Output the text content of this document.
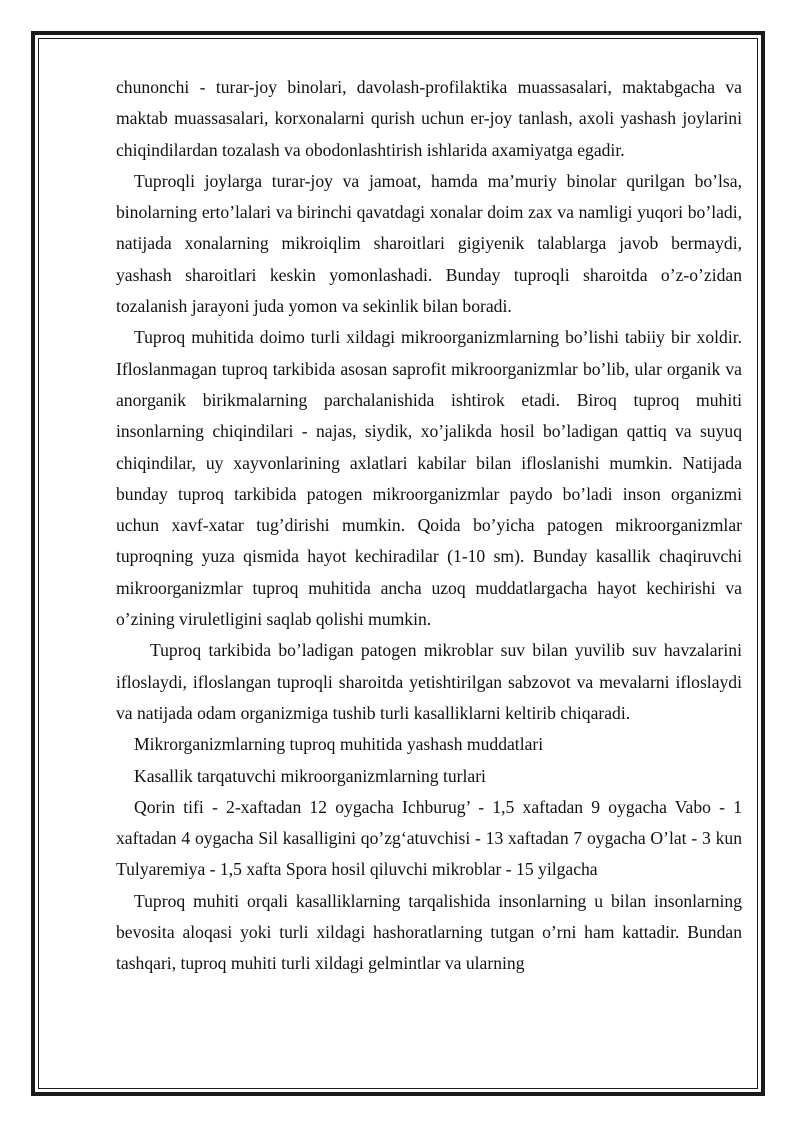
chunonchi - turar-joy binolari, davolash-profilaktika muassasalari, maktabgacha va maktab muassasalari, korxonalarni qurish uchun er-joy tanlash, axoli yashash joylarini chiqindilardan tozalash va obodonlashtirish ishlarida axamiyatga egadir.

Tuproqli joylarga turar-joy va jamoat, hamda ma’muriy binolar qurilgan bo’lsa, binolarning erto’lalari va birinchi qavatdagi xonalar doim zax va namligi yuqori bo’ladi, natijada xonalarning mikroiqlim sharoitlari gigiyenik talablarga javob bermaydi, yashash sharoitlari keskin yomonlashadi. Bunday tuproqli sharoitda o’z-o’zidan tozalanish jarayoni juda yomon va sekinlik bilan boradi.

Tuproq muhitida doimo turli xildagi mikroorganizmlarning bo’lishi tabiiy bir xoldir. Ifloslanmagan tuproq tarkibida asosan saprofit mikroorganizmlar bo’lib, ular organik va anorganik birikmalarning parchalanishida ishtirok etadi. Biroq tuproq muhiti insonlarning chiqindilari - najas, siydik, xo’jalikda hosil bo’ladigan qattiq va suyuq chiqindilar, uy xayvonlarining axlatlari kabilar bilan ifloslanishi mumkin. Natijada bunday tuproq tarkibida patogen mikroorganizmlar paydo bo’ladi inson organizmi uchun xavf-xatar tug’dirishi mumkin. Qoida bo’yicha patogen mikroorganizmlar tuproqning yuza qismida hayot kechiradilar (1-10 sm). Bunday kasallik chaqiruvchi mikroorganizmlar tuproq muhitida ancha uzoq muddatlargacha hayot kechirishi va o’zining viruletligini saqlab qolishi mumkin.

Tuproq tarkibida bo’ladigan patogen mikroblar suv bilan yuvilib suv havzalarini ifloslaydi, ifloslangan tuproqli sharoitda yetishtirilgan sabzovot va mevalarni ifloslaydi va natijada odam organizmiga tushib turli kasalliklarni keltirib chiqaradi.

Mikrorganizmlarning tuproq muhitida yashash muddatlari

Kasallik tarqatuvchi mikroorganizmlarning turlari

Qorin tifi - 2-xaftadan 12 oygacha Ichburug’ - 1,5 xaftadan 9 oygacha Vabo - 1 xaftadan 4 oygacha Sil kasalligini qo’zg‘atuvchisi - 13 xaftadan 7 oygacha O’lat - 3 kun Tulyaremiya - 1,5 xafta Spora hosil qiluvchi mikroblar - 15 yilgacha

Tuproq muhiti orqali kasalliklarning tarqalishida insonlarning u bilan insonlarning bevosita aloqasi yoki turli xildagi hashoratlarning tutgan o’rni ham kattadir. Bundan tashqari, tuproq muhiti turli xildagi gelmintlar va ularning
